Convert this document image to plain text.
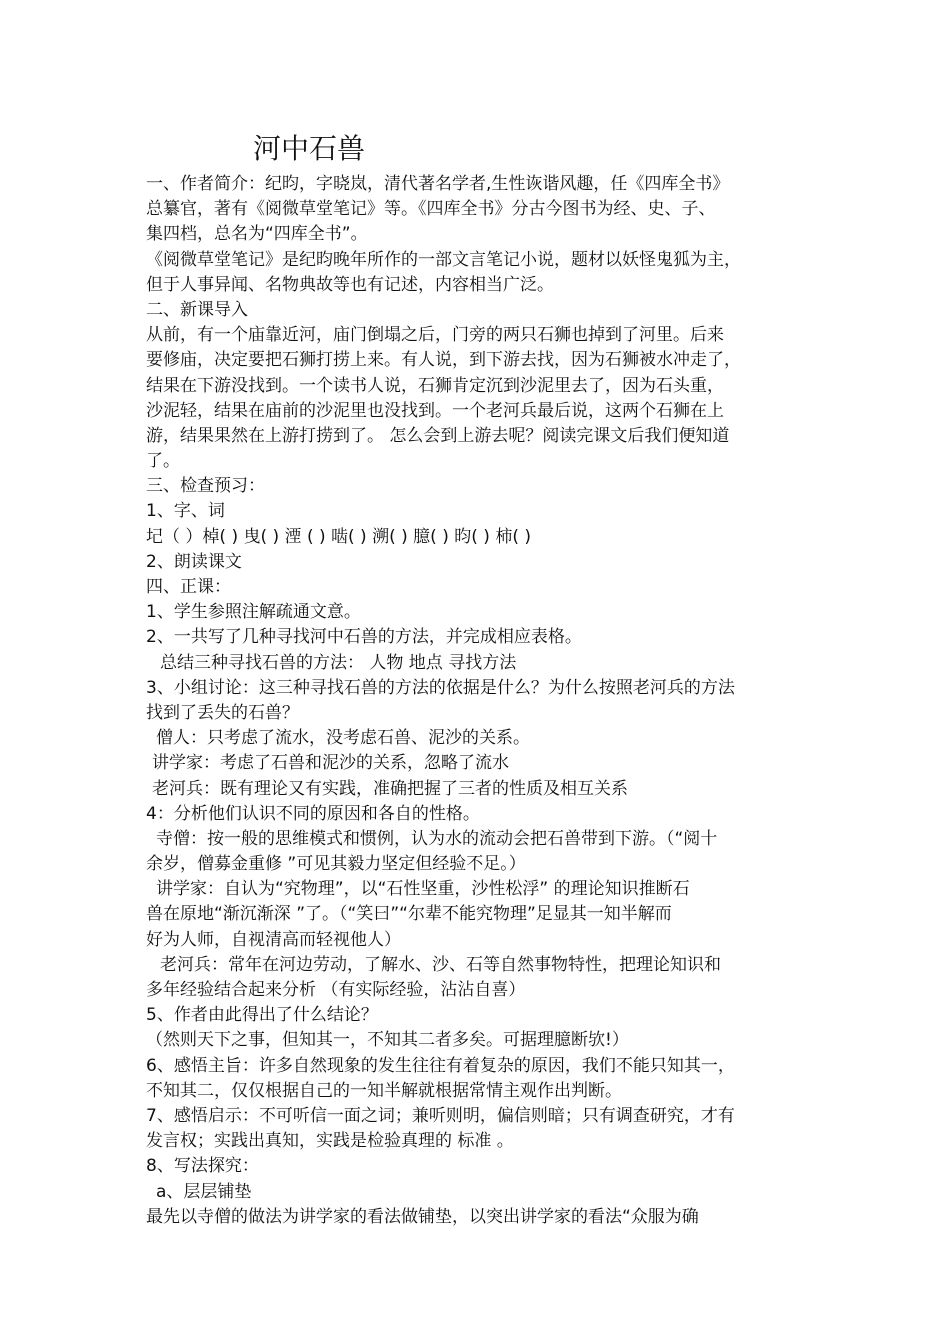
河中石兽
一、作者简介：纪昀，字晓岚，清代著名学者,生性诙谐风趣，任《四库全书》
总纂官，著有《阅微草堂笔记》等。《四库全书》分古今图书为经、史、子、
集四档，总名为“四库全书”。
《阅微草堂笔记》是纪昀晚年所作的一部文言笔记小说，题材以妖怪鬼狐为主，
但于人事异闻、名物典故等也有记述，内容相当广泛。
二、新课导入
从前，有一个庙靠近河，庙门倒塌之后，门旁的两只石狮也掉到了河里。后来
要修庙，决定要把石狮打捞上来。有人说，到下游去找，因为石狮被水冲走了，
结果在下游没找到。一个读书人说，石狮肯定沉到沙泥里去了，因为石头重，
沙泥轻，结果在庙前的沙泥里也没找到。一个老河兵最后说，这两个石狮在上
游，结果果然在上游打捞到了。 怎么会到上游去呢？阅读完课文后我们便知道
了。
三、检查预习：
1、字、词
圮（ ）棹( ) 曳( ) 湮 ( ) 啮( ) 溯( ) 臆( ) 昀( ) 柿( )
2、朗读课文
四、正课：
1、学生参照注解疏通文意。
2、一共写了几种寻找河中石兽的方法，并完成相应表格。
总结三种寻找石兽的方法： 人物 地点 寻找方法
3、小组讨论：这三种寻找石兽的方法的依据是什么？为什么按照老河兵的方法
找到了丢失的石兽？
僧人：只考虑了流水，没考虑石兽、泥沙的关系。
讲学家：考虑了石兽和泥沙的关系，忽略了流水
老河兵：既有理论又有实践，准确把握了三者的性质及相互关系
4：分析他们认识不同的原因和各自的性格。
寺僧：按一般的思维模式和惯例，认为水的流动会把石兽带到下游。（“阅十
余岁，僧募金重修 ”可见其毅力坚定但经验不足。）
讲学家：自认为“究物理”，以“石性坚重，沙性松浮” 的理论知识推断石
兽在原地“渐沉渐深 ”了。（“笑曰”“尔辈不能究物理”足显其一知半解而
好为人师，自视清高而轻视他人）
老河兵：常年在河边劳动，了解水、沙、石等自然事物特性，把理论知识和
多年经验结合起来分析 （有实际经验，沾沾自喜）
5、作者由此得出了什么结论？
（然则天下之事，但知其一，不知其二者多矣。可据理臆断欤!）
6、感悟主旨：许多自然现象的发生往往有着复杂的原因，我们不能只知其一，
不知其二，仅仅根据自己的一知半解就根据常情主观作出判断。
7、感悟启示：不可听信一面之词；兼听则明，偏信则暗；只有调查研究，才有
发言权；实践出真知，实践是检验真理的 标准 。
8、写法探究：
a、层层铺垫
最先以寺僧的做法为讲学家的看法做铺垫，以突出讲学家的看法“众服为确
